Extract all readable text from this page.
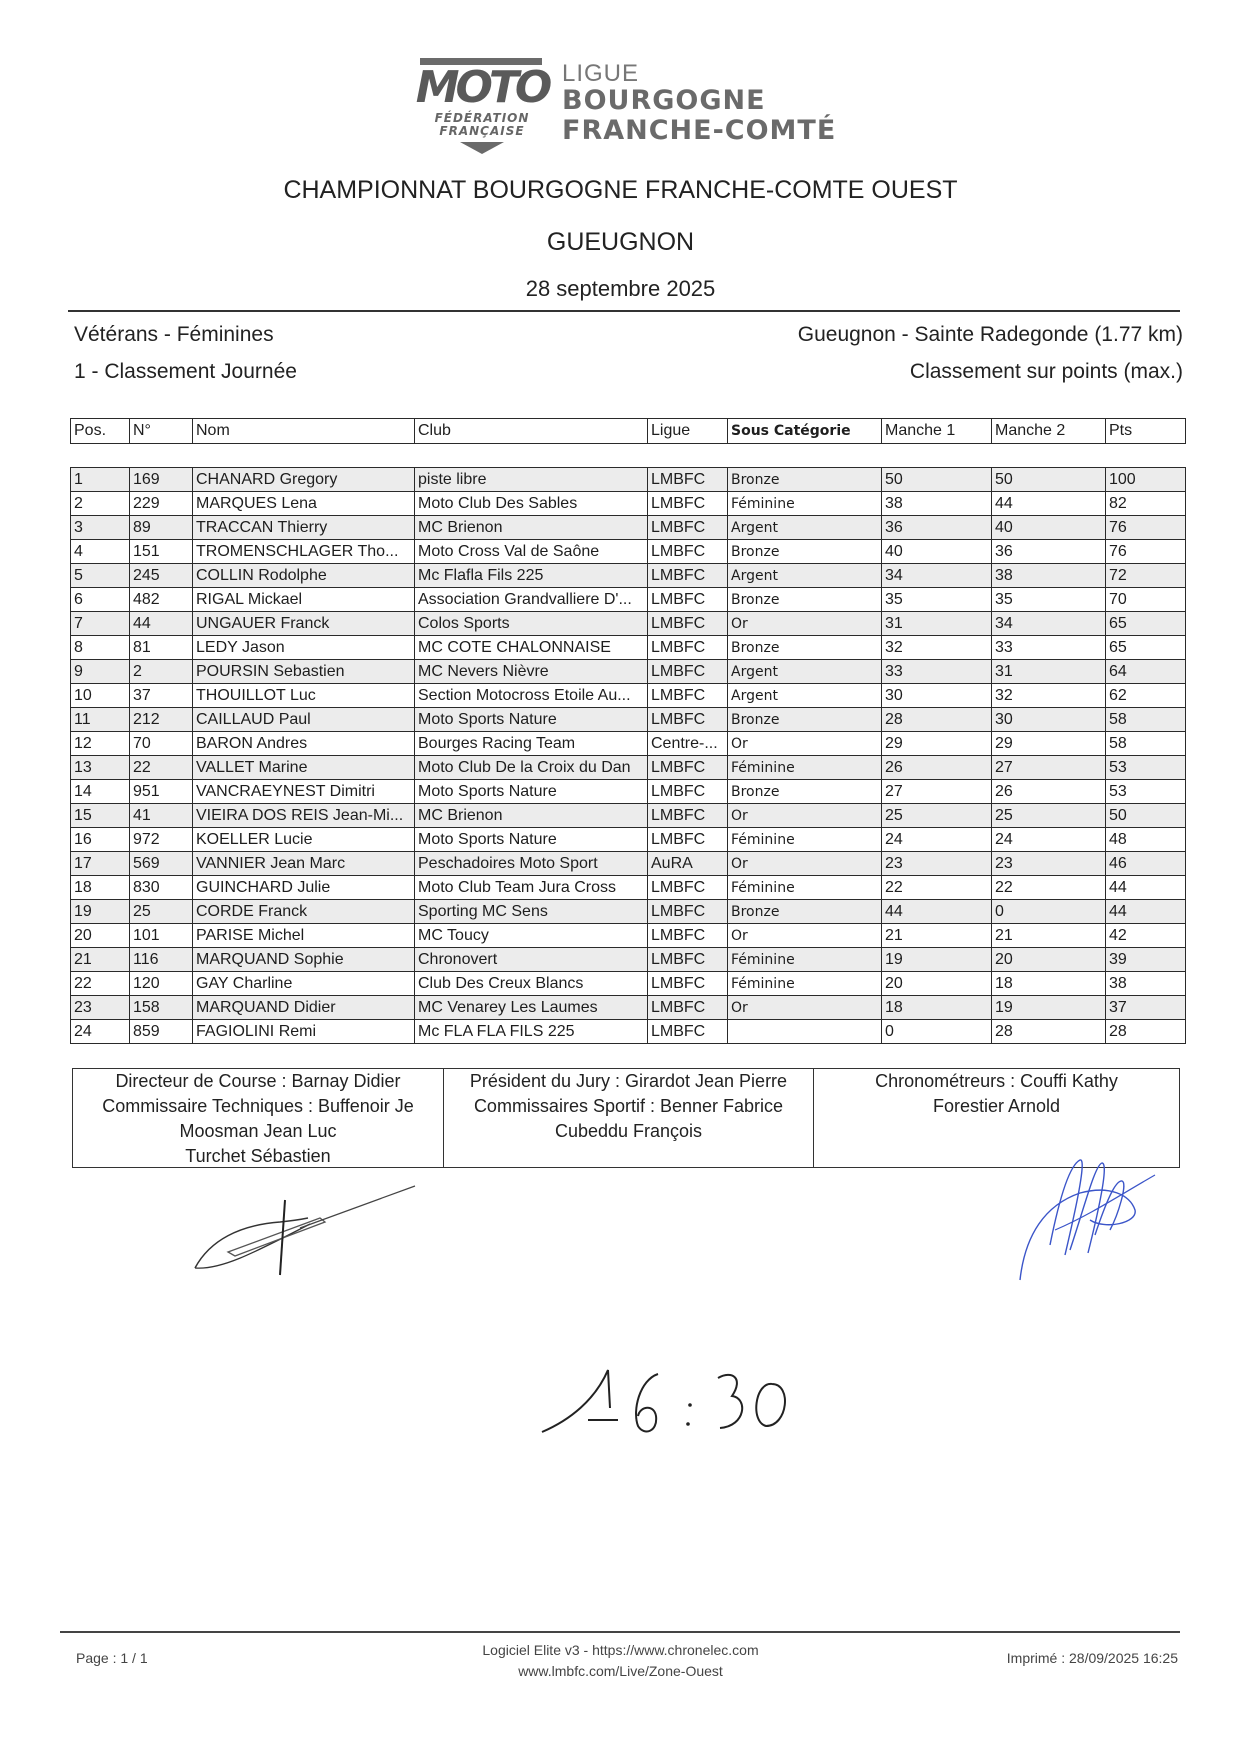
MOTO
FÉDÉRATION
FRANÇAISE
LIGUE
BOURGOGNE
FRANCHE-COMTÉ
CHAMPIONNAT BOURGOGNE FRANCHE-COMTE OUEST
GUEUGNON
28 septembre 2025
Vétérans - Féminines
1 - Classement Journée
Gueugnon - Sainte Radegonde (1.77 km)
Classement sur points (max.)
Pos.	N°	Nom	Club	Ligue	Sous Catégorie	Manche 1	Manche 2	Pts
1	169	CHANARD Gregory	piste libre	LMBFC	Bronze	50	50	100
2	229	MARQUES Lena	Moto Club Des Sables	LMBFC	Féminine	38	44	82
3	89	TRACCAN Thierry	MC Brienon	LMBFC	Argent	36	40	76
4	151	TROMENSCHLAGER Tho...	Moto Cross Val de Saône	LMBFC	Bronze	40	36	76
5	245	COLLIN Rodolphe	Mc Flafla Fils 225	LMBFC	Argent	34	38	72
6	482	RIGAL Mickael	Association Grandvalliere D'...	LMBFC	Bronze	35	35	70
7	44	UNGAUER Franck	Colos Sports	LMBFC	Or	31	34	65
8	81	LEDY Jason	MC COTE CHALONNAISE	LMBFC	Bronze	32	33	65
9	2	POURSIN Sebastien	MC Nevers Nièvre	LMBFC	Argent	33	31	64
10	37	THOUILLOT Luc	Section Motocross Etoile Au...	LMBFC	Argent	30	32	62
11	212	CAILLAUD Paul	Moto Sports Nature	LMBFC	Bronze	28	30	58
12	70	BARON Andres	Bourges Racing Team	Centre-...	Or	29	29	58
13	22	VALLET Marine	Moto Club De la Croix du Dan	LMBFC	Féminine	26	27	53
14	951	VANCRAEYNEST Dimitri	Moto Sports Nature	LMBFC	Bronze	27	26	53
15	41	VIEIRA DOS REIS Jean-Mi...	MC Brienon	LMBFC	Or	25	25	50
16	972	KOELLER Lucie	Moto Sports Nature	LMBFC	Féminine	24	24	48
17	569	VANNIER Jean Marc	Peschadoires Moto Sport	AuRA	Or	23	23	46
18	830	GUINCHARD Julie	Moto Club Team Jura Cross	LMBFC	Féminine	22	22	44
19	25	CORDE Franck	Sporting MC Sens	LMBFC	Bronze	44	0	44
20	101	PARISE Michel	MC Toucy	LMBFC	Or	21	21	42
21	116	MARQUAND Sophie	Chronovert	LMBFC	Féminine	19	20	39
22	120	GAY Charline	Club Des Creux Blancs	LMBFC	Féminine	20	18	38
23	158	MARQUAND Didier	MC Venarey Les Laumes	LMBFC	Or	18	19	37
24	859	FAGIOLINI Remi	Mc FLA FLA FILS 225	LMBFC		0	28	28
Directeur de Course : Barnay Didier
Commissaire Techniques : Buffenoir Je
Moosman Jean Luc
Turchet Sébastien
Président du Jury : Girardot Jean Pierre
Commissaires Sportif : Benner Fabrice
Cubeddu François
Chronométreurs : Couffi Kathy
Forestier Arnold
Page : 1 / 1	Logiciel Elite v3 - https://www.chronelec.com
www.lmbfc.com/Live/Zone-Ouest
Imprimé : 28/09/2025 16:25
